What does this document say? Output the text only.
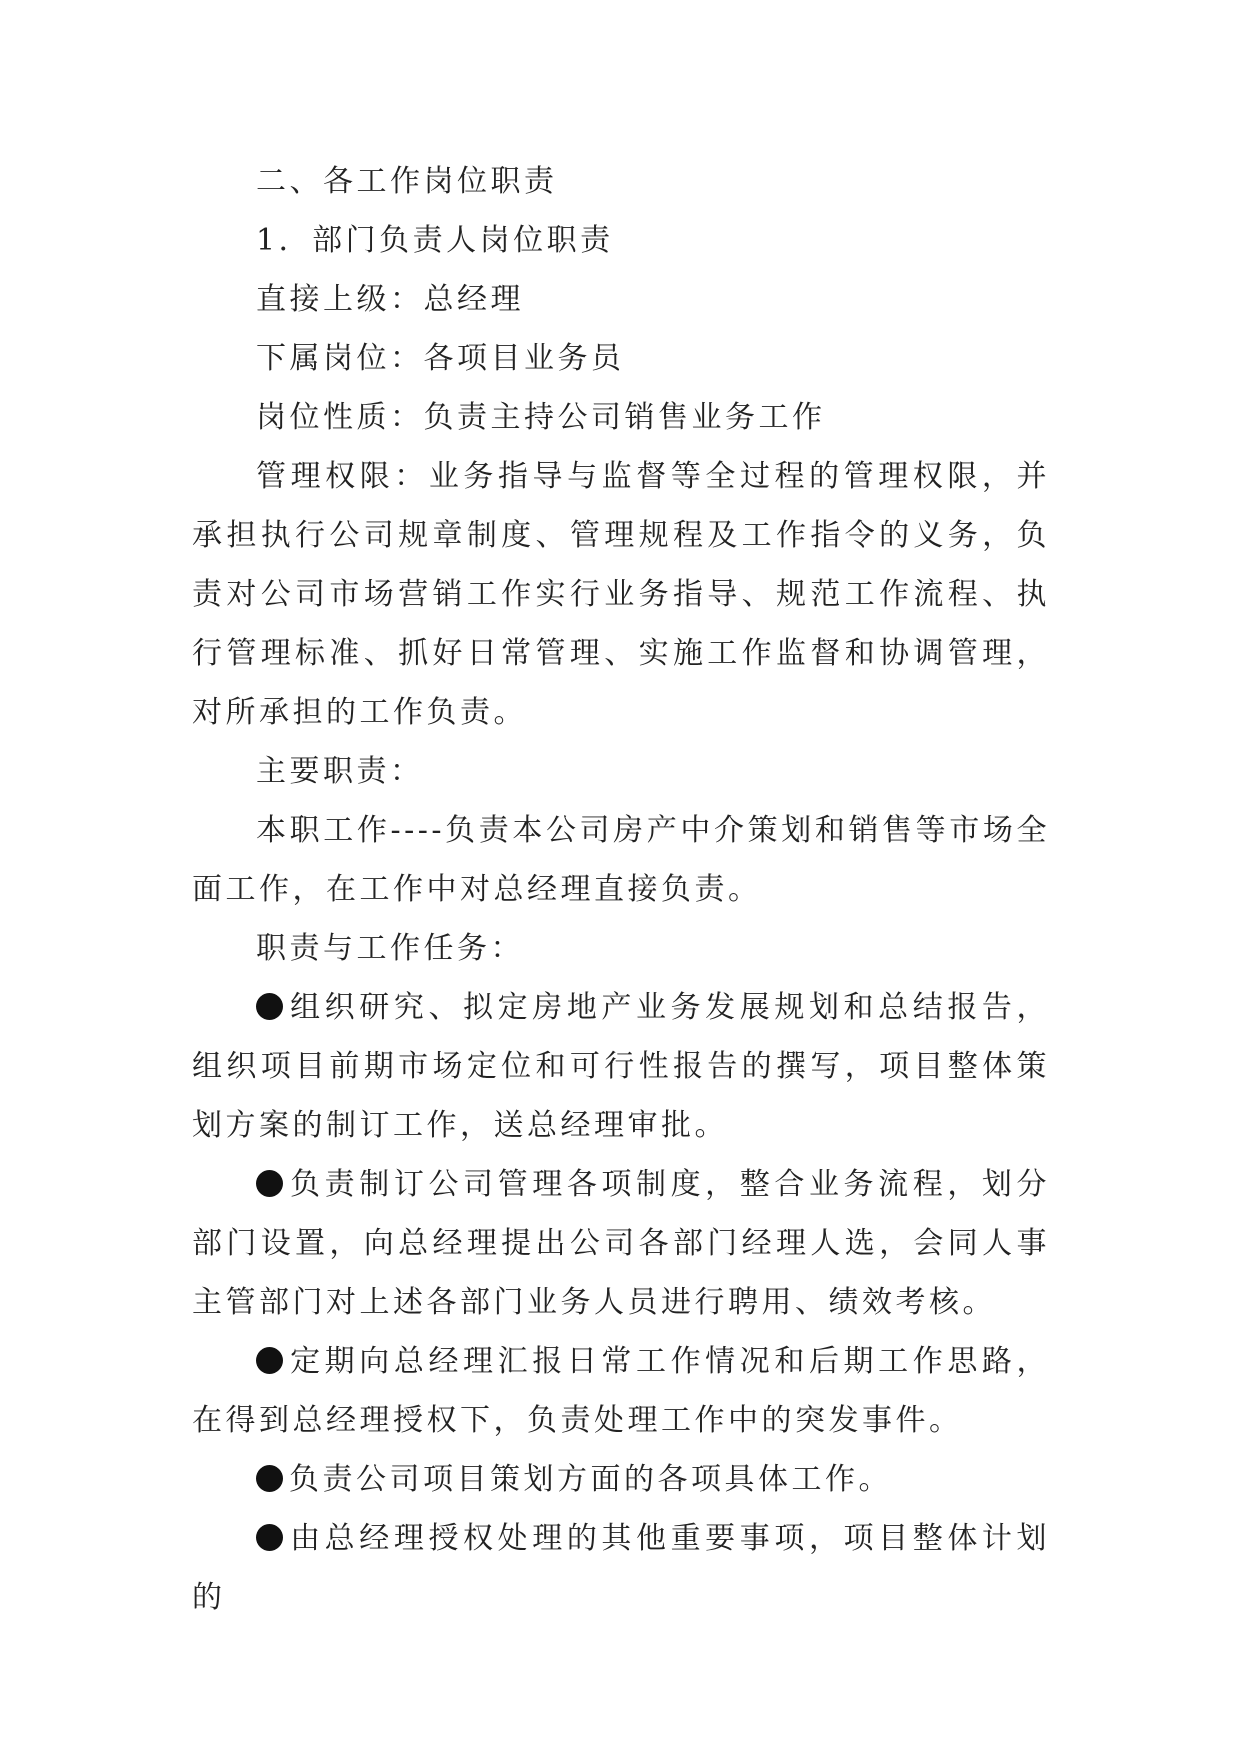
二、各工作岗位职责

1．部门负责人岗位职责

直接上级：总经理

下属岗位：各项目业务员

岗位性质：负责主持公司销售业务工作

管理权限：业务指导与监督等全过程的管理权限，并承担执行公司规章制度、管理规程及工作指令的义务，负责对公司市场营销工作实行业务指导、规范工作流程、执行管理标准、抓好日常管理、实施工作监督和协调管理，对所承担的工作负责。

主要职责：

本职工作----负责本公司房产中介策划和销售等市场全面工作，在工作中对总经理直接负责。

职责与工作任务：

组织研究、拟定房地产业务发展规划和总结报告，组织项目前期市场定位和可行性报告的撰写，项目整体策划方案的制订工作，送总经理审批。

负责制订公司管理各项制度，整合业务流程，划分部门设置，向总经理提出公司各部门经理人选，会同人事主管部门对上述各部门业务人员进行聘用、绩效考核。

定期向总经理汇报日常工作情况和后期工作思路，在得到总经理授权下，负责处理工作中的突发事件。

负责公司项目策划方面的各项具体工作。

由总经理授权处理的其他重要事项，项目整体计划的
